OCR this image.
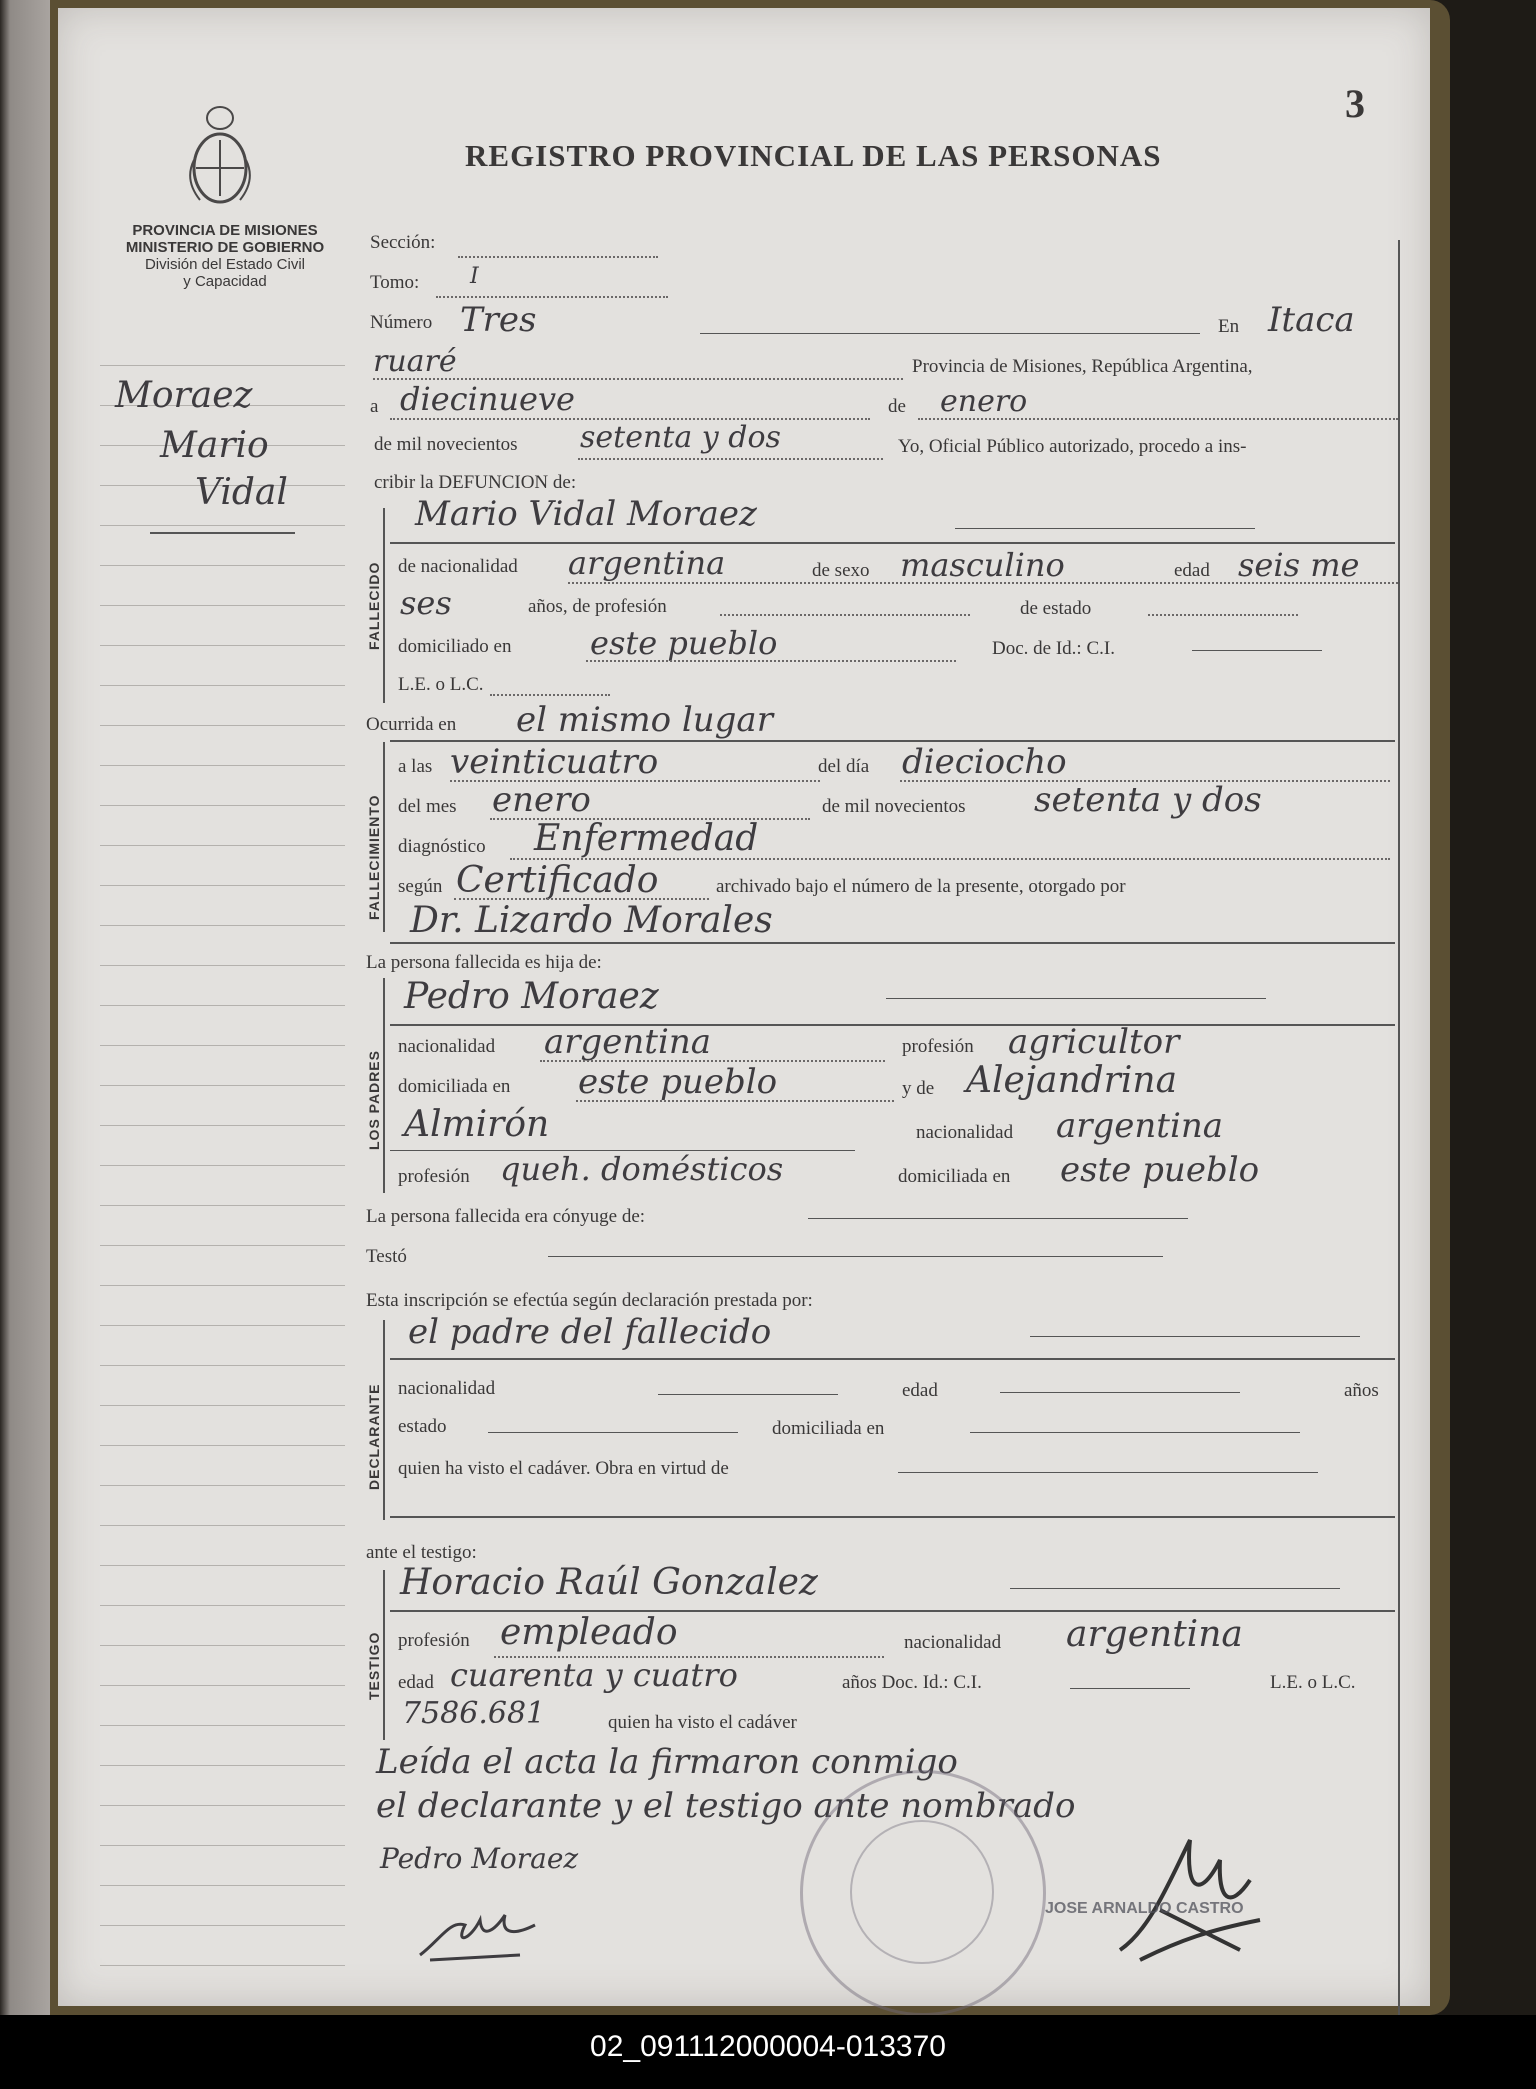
REGISTRO PROVINCIAL DE LAS PERSONAS
3
PROVINCIA DE MISIONES
MINISTERIO DE GOBIERNO
División del Estado Civil
y Capacidad
Moraez
Mario
Vidal
Sección:
Tomo: I
Número Tres	En Itaca
ruaré	Provincia de Misiones, República Argentina,
a diecinueve	de enero
de mil novecientos setenta y dos	Yo, Oficial Público autorizado, procedo a ins-
cribir la DEFUNCION de:
FALLECIDO
Mario Vidal Moraez
de nacionalidad argentina	de sexo masculino	edad seis me
ses	años, de profesión	de estado
domiciliado en este pueblo	Doc. de Id.: C.I.
L.E. o L.C.
Ocurrida en el mismo lugar
FALLECIMIENTO
a las veinticuatro	del día dieciocho
del mes enero	de mil novecientos setenta y dos
diagnóstico Enfermedad
según Certificado	archivado bajo el número de la presente, otorgado por
Dr. Lizardo Morales
La persona fallecida es hija de:
LOS PADRES
Pedro Moraez
nacionalidad argentina	profesión agricultor
domiciliada en este pueblo	y de Alejandrina
Almirón	nacionalidad argentina
profesión queh. domésticos	domiciliada en este pueblo
La persona fallecida era cónyuge de:
Testó
Esta inscripción se efectúa según declaración prestada por:
DECLARANTE
el padre del fallecido
nacionalidad	edad	años
estado	domiciliada en
quien ha visto el cadáver. Obra en virtud de
ante el testigo:
TESTIGO
Horacio Raúl Gonzalez
profesión empleado	nacionalidad argentina
edad cuarenta y cuatro	años Doc. Id.: C.I.	L.E. o L.C.
7586.681	quien ha visto el cadáver
Leída el acta la firmaron conmigo
el declarante y el testigo ante nombrado
Pedro Moraez
JOSE ARNALDO CASTRO
02_091112000004-013370
